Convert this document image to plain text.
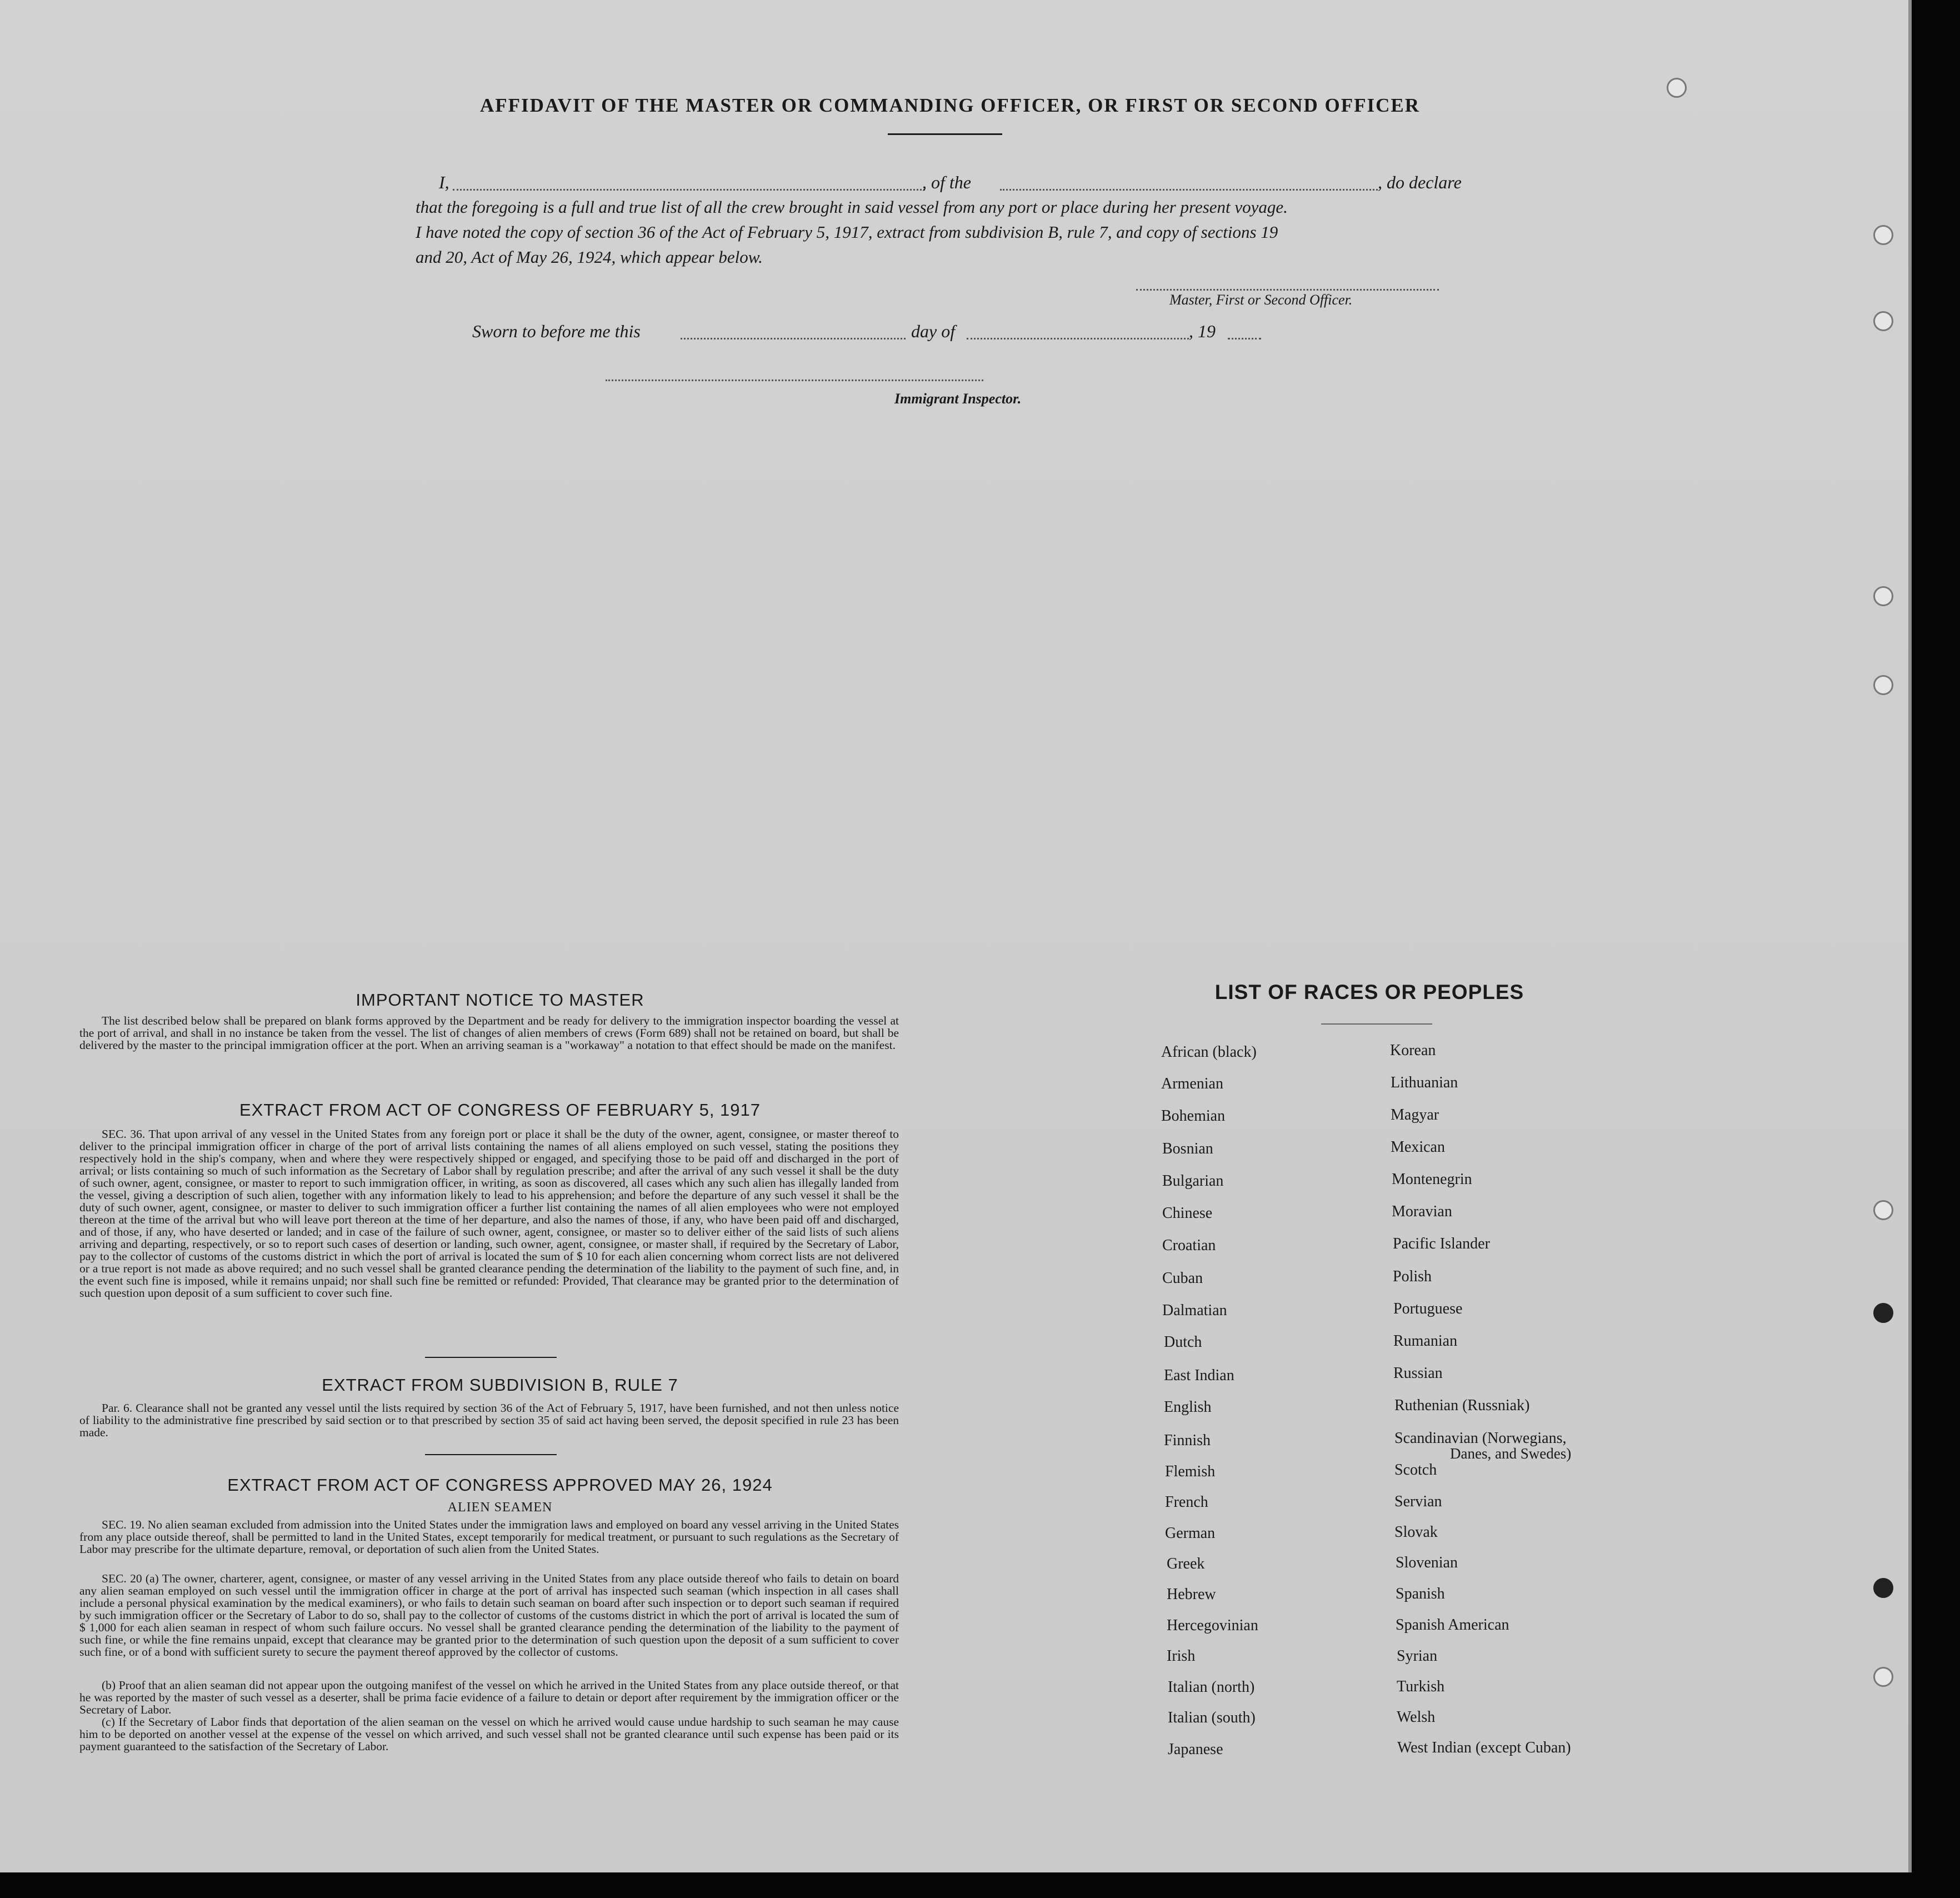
AFFIDAVIT OF THE MASTER OR COMMANDING OFFICER, OR FIRST OR SECOND OFFICER
I,	, of the	, do declare
that the foregoing is a full and true list of all the crew brought in said vessel from any port or place during her present voyage.
I have noted the copy of section 36 of the Act of February 5, 1917, extract from subdivision B, rule 7, and copy of sections 19
and 20, Act of May 26, 1924, which appear below.
Master, First or Second Officer.
Sworn to before me this	day of	, 19
Immigrant Inspector.
IMPORTANT NOTICE TO MASTER

The list described below shall be prepared on blank forms approved by the Department and be ready for delivery to the immigration inspector boarding the vessel at the port of arrival, and shall in no instance be taken from the vessel. The list of changes of alien members of crews (Form 689) shall not be retained on board, but shall be delivered by the master to the principal immigration officer at the port. When an arriving seaman is a "workaway" a notation to that effect should be made on the manifest.

EXTRACT FROM ACT OF CONGRESS OF FEBRUARY 5, 1917

SEC. 36. That upon arrival of any vessel in the United States from any foreign port or place it shall be the duty of the owner, agent, consignee, or master thereof to deliver to the principal immigration officer in charge of the port of arrival lists containing the names of all aliens employed on such vessel, stating the positions they respectively hold in the ship's company, when and where they were respectively shipped or engaged, and specifying those to be paid off and discharged in the port of arrival; or lists containing so much of such information as the Secretary of Labor shall by regulation prescribe; and after the arrival of any such vessel it shall be the duty of such owner, agent, consignee, or master to report to such immigration officer, in writing, as soon as discovered, all cases which any such alien has illegally landed from the vessel, giving a description of such alien, together with any information likely to lead to his apprehension; and before the departure of any such vessel it shall be the duty of such owner, agent, consignee, or master to deliver to such immigration officer a further list containing the names of all alien employees who were not employed thereon at the time of the arrival but who will leave port thereon at the time of her departure, and also the names of those, if any, who have been paid off and discharged, and of those, if any, who have deserted or landed; and in case of the failure of such owner, agent, consignee, or master so to deliver either of the said lists of such aliens arriving and departing, respectively, or so to report such cases of desertion or landing, such owner, agent, consignee, or master shall, if required by the Secretary of Labor, pay to the collector of customs of the customs district in which the port of arrival is located the sum of $ 10 for each alien concerning whom correct lists are not delivered or a true report is not made as above required; and no such vessel shall be granted clearance pending the determination of the liability to the payment of such fine, and, in the event such fine is imposed, while it remains unpaid; nor shall such fine be remitted or refunded: Provided, That clearance may be granted prior to the determination of such question upon deposit of a sum sufficient to cover such fine.

EXTRACT FROM SUBDIVISION B, RULE 7

Par. 6. Clearance shall not be granted any vessel until the lists required by section 36 of the Act of February 5, 1917, have been furnished, and not then unless notice of liability to the administrative fine prescribed by said section or to that prescribed by section 35 of said act having been served, the deposit specified in rule 23 has been made.

EXTRACT FROM ACT OF CONGRESS APPROVED MAY 26, 1924
ALIEN SEAMEN

SEC. 19. No alien seaman excluded from admission into the United States under the immigration laws and employed on board any vessel arriving in the United States from any place outside thereof, shall be permitted to land in the United States, except temporarily for medical treatment, or pursuant to such regulations as the Secretary of Labor may prescribe for the ultimate departure, removal, or deportation of such alien from the United States.

SEC. 20 (a) The owner, charterer, agent, consignee, or master of any vessel arriving in the United States from any place outside thereof who fails to detain on board any alien seaman employed on such vessel until the immigration officer in charge at the port of arrival has inspected such seaman (which inspection in all cases shall include a personal physical examination by the medical examiners), or who fails to detain such seaman on board after such inspection or to deport such seaman if required by such immigration officer or the Secretary of Labor to do so, shall pay to the collector of customs of the customs district in which the port of arrival is located the sum of $ 1,000 for each alien seaman in respect of whom such failure occurs. No vessel shall be granted clearance pending the determination of the liability to the payment of such fine, or while the fine remains unpaid, except that clearance may be granted prior to the determination of such question upon the deposit of a sum sufficient to cover such fine, or of a bond with sufficient surety to secure the payment thereof approved by the collector of customs.

(b) Proof that an alien seaman did not appear upon the outgoing manifest of the vessel on which he arrived in the United States from any place outside thereof, or that he was reported by the master of such vessel as a deserter, shall be prima facie evidence of a failure to detain or deport after requirement by the immigration officer or the Secretary of Labor.

(c) If the Secretary of Labor finds that deportation of the alien seaman on the vessel on which he arrived would cause undue hardship to such seaman he may cause him to be deported on another vessel at the expense of the vessel on which arrived, and such vessel shall not be granted clearance until such expense has been paid or its payment guaranteed to the satisfaction of the Secretary of Labor.

LIST OF RACES OR PEOPLES
African (black)
Armenian
Bohemian
Bosnian
Bulgarian
Chinese
Croatian
Cuban
Dalmatian
Dutch
East Indian
English
Finnish
Flemish
French
German
Greek
Hebrew
Hercegovinian
Irish
Italian (north)
Italian (south)
Japanese
Korean
Lithuanian
Magyar
Mexican
Montenegrin
Moravian
Pacific Islander
Polish
Portuguese
Rumanian
Russian
Ruthenian (Russniak)
Scandinavian (Norwegians,
Danes, and Swedes)
Scotch
Servian
Slovak
Slovenian
Spanish
Spanish American
Syrian
Turkish
Welsh
West Indian (except Cuban)
